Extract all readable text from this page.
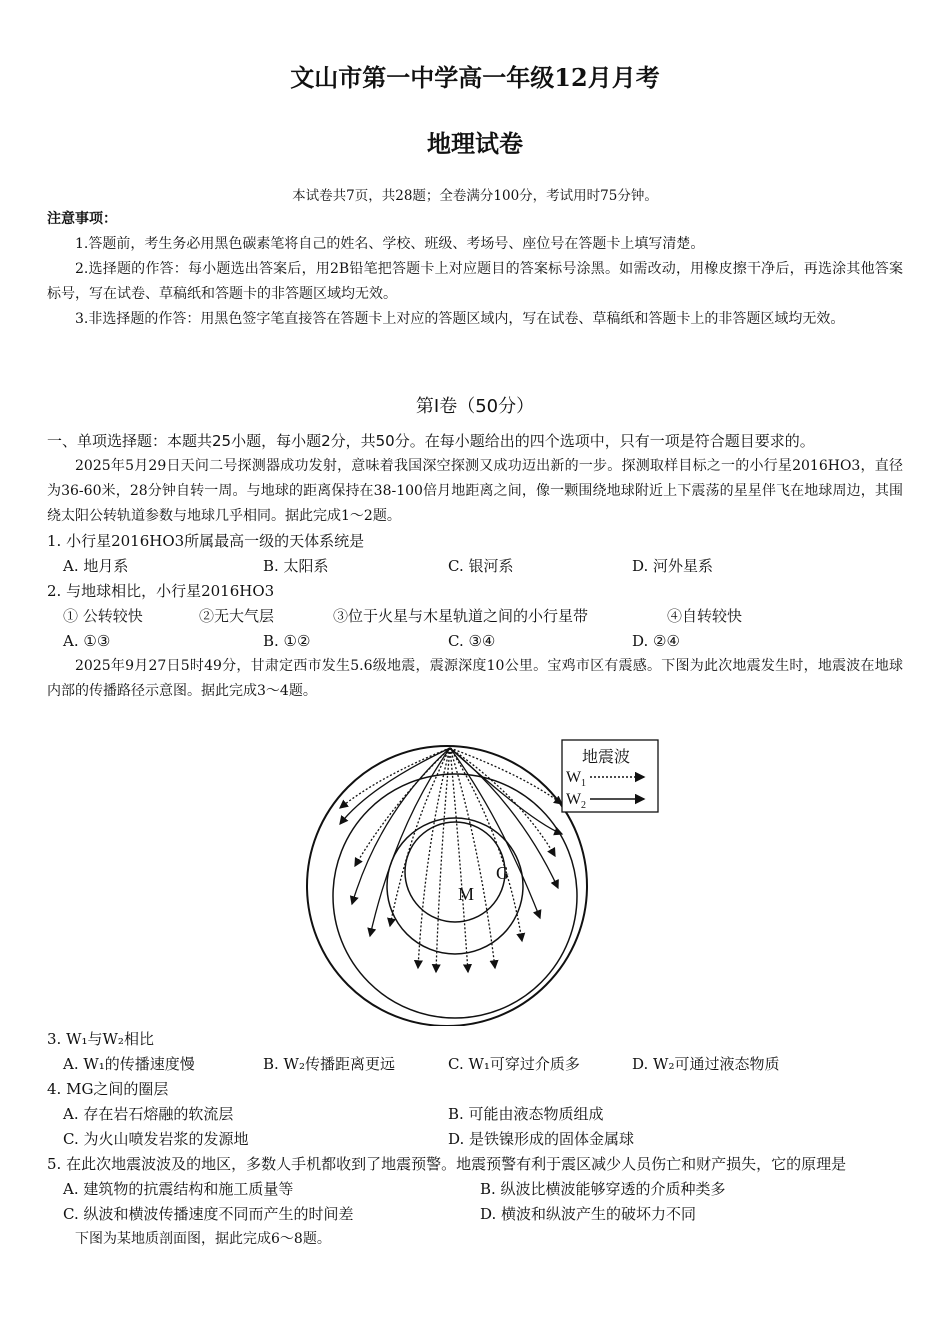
文山市第一中学高一年级12月月考
地理试卷
本试卷共7页，共28题；全卷满分100分，考试用时75分钟。
注意事项：
1.答题前，考生务必用黑色碳素笔将自己的姓名、学校、班级、考场号、座位号在答题卡上填写清楚。
2.选择题的作答：每小题选出答案后，用2B铅笔把答题卡上对应题目的答案标号涂黑。如需改动，用橡皮擦干净后，再选涂其他答案标号，写在试卷、草稿纸和答题卡的非答题区域均无效。
3.非选择题的作答：用黑色签字笔直接答在答题卡上对应的答题区域内，写在试卷、草稿纸和答题卡上的非答题区域均无效。
第Ⅰ卷（50分）
一、单项选择题：本题共25小题，每小题2分，共50分。在每小题给出的四个选项中，只有一项是符合题目要求的。
2025年5月29日天问二号探测器成功发射，意味着我国深空探测又成功迈出新的一步。探测取样目标之一的小行星2016HO3，直径为36-60米，28分钟自转一周。与地球的距离保持在38-100倍月地距离之间，像一颗围绕地球附近上下震荡的星星伴飞在地球周边，其围绕太阳公转轨道参数与地球几乎相同。据此完成1～2题。
1. 小行星2016HO3所属最高一级的天体系统是
A. 地月系	B. 太阳系	C. 银河系	D. 河外星系
2. 与地球相比，小行星2016HO3
① 公转较快	②无大气层	③位于火星与木星轨道之间的小行星带	④自转较快
A. ①③	B. ①②	C. ③④	D. ②④
2025年9月27日5时49分，甘肃定西市发生5.6级地震，震源深度10公里。宝鸡市区有震感。下图为此次地震发生时，地震波在地球内部的传播路径示意图。据此完成3～4题。
M
G
地震波
W 1
W 2
3. W₁与W₂相比
A. W₁的传播速度慢	B. W₂传播距离更远	C. W₁可穿过介质多	D. W₂可通过液态物质
4. MG之间的圈层
A. 存在岩石熔融的软流层	B. 可能由液态物质组成
C. 为火山喷发岩浆的发源地	D. 是铁镍形成的固体金属球
5. 在此次地震波波及的地区，多数人手机都收到了地震预警。地震预警有利于震区减少人员伤亡和财产损失，它的原理是
A. 建筑物的抗震结构和施工质量等	B. 纵波比横波能够穿透的介质种类多
C. 纵波和横波传播速度不同而产生的时间差	D. 横波和纵波产生的破坏力不同
下图为某地质剖面图，据此完成6～8题。
